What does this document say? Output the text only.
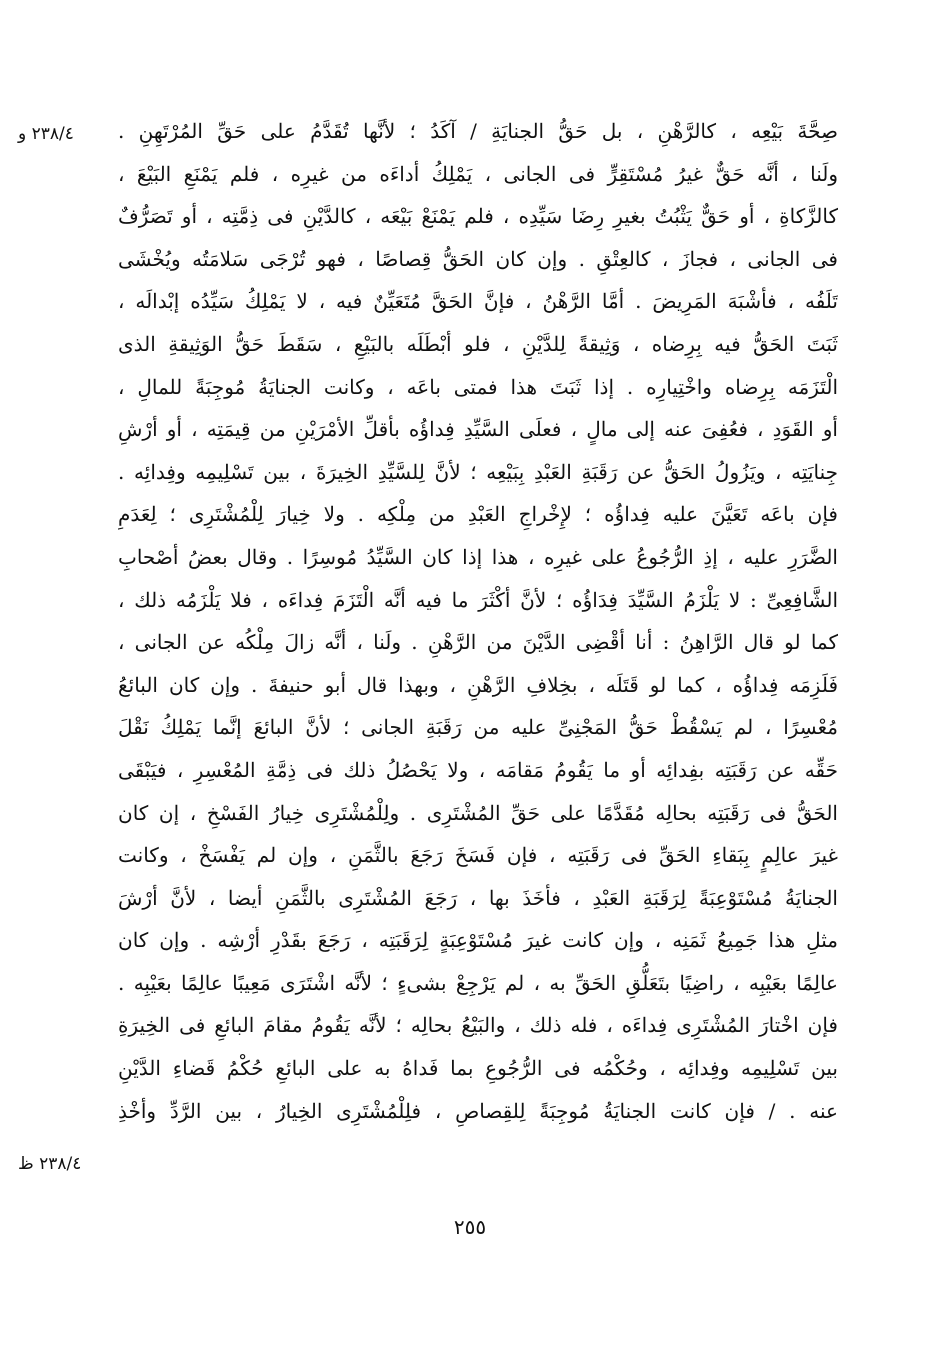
٢٣٨/٤ و
٢٣٨/٤ ظ
صِحَّةَ بَيْعِه ، كالرَّهْنِ ، بل حَقُّ الجنايَةِ / آكَدُ ؛ لأنَّها تُقَدَّمُ على حَقِّ المُرْتَهِنِ .
ولَنا ، أنَّه حَقٌّ غيرُ مُسْتَقِرٍّ فى الجانى ، يَمْلِكُ أداءَه من غيرِه ، فلم يَمْنَعِ البَيْعَ ،
كالزَّكاةِ ، أو حَقٌّ يَثْبُتُ بغيرِ رِضَا سَيِّدِه ، فلم يَمْنَعْ بَيْعَه ، كالدَّيْنِ فى ذِمَّتِه ، أو تَصَرُّفٌ
فى الجانى ، فجازَ ، كالعِتْقِ . وإن كان الحَقُّ قِصاصًا ، فهو تُرْجَى سَلامَتُه ويُخْشَى
تَلَفُه ، فأشْبَهَ المَرِيضَ . أمَّا الرَّهْنُ ، فإنَّ الحَقَّ مُتَعَيِّنٌ فيه ، لا يَمْلِكُ سَيِّدُه إبْدالَه ،
ثَبَتَ الحَقُّ فيه بِرِضاه ، وَثِيقةً لِلدَّيْنِ ، فلو أبْطَلَه بالبَيْعِ ، سَقَطَ حَقُّ الوَثِيقةِ الذى
الْتَزَمَه بِرِضاه واخْتِيارِه . إذا ثَبَتَ هذا فمتى باعَه ، وكانت الجنايَةُ مُوجِبَةً للمالِ ،
أو القَوَدِ ، فعُفِىَ عنه إلى مالٍ ، فعلَى السَّيِّدِ فِداؤُه بأقلِّ الأمْرَيْنِ من قِيمَتِه ، أو أرْشِ
جِنايَتِه ، ويَزُولُ الحَقُّ عن رَقَبَةِ العَبْدِ بِبَيْعِه ؛ لأنَّ لِلسَّيِّدِ الخِيرَةَ ، بين تَسْلِيمِه وفِدائِه .
فإن باعَه تَعَيَّنَ عليه فِداؤُه ؛ لإِخْراجِ العَبْدِ من مِلْكِه . ولا خِيارَ لِلْمُشْتَرِى ؛ لِعَدَمِ
الضَّرَرِ عليه ، إذِ الرُّجُوعُ على غيرِه ، هذا إذا كان السَّيِّدُ مُوسِرًا . وقال بعضُ أصْحابِ
الشَّافِعِىِّ : لا يَلْزَمُ السَّيِّدَ فِدَاؤُه ؛ لأنَّ أكْثَرَ ما فيه أنَّه الْتَزَمَ فِداءَه ، فلا يَلْزَمُه ذلك ،
كما لو قال الرَّاهِنُ : أنا أقْضِى الدَّيْنَ من الرَّهْنِ . ولَنا ، أنَّه زالَ مِلْكُه عن الجانى ،
فَلَزِمَه فِداؤُه ، كما لو قَتَلَه ، بخِلافِ الرَّهْنِ ، وبهذا قال أبو حنيفةَ . وإن كان البائعُ
مُعْسِرًا ، لم يَسْقُطْ حَقُّ المَجْنِىِّ عليه من رَقَبَةِ الجانى ؛ لأنَّ البائعَ إنَّما يَمْلِكُ نَقْلَ
حَقِّه عن رَقَبَتِه بفِدائِه أو ما يَقُومُ مَقامَه ، ولا يَحْصُلُ ذلك فى ذِمَّةِ المُعْسِرِ ، فيَبْقَى
الحَقُّ فى رَقَبَتِه بحالِه مُقَدَّمًا على حَقِّ المُشْتَرِى . ولِلْمُشْتَرِى خِيارُ الفَسْخِ ، إن كان
غيرَ عالِمٍ بِبَقاءِ الحَقِّ فى رَقَبَتِه ، فإن فَسَخَ رَجَعَ بالثَّمَنِ ، وإن لم يَفْسَخْ ، وكانت
الجنايَةُ مُسْتَوْعِبَةً لِرَقَبَةِ العَبْدِ ، فأخَذَ بها ، رَجَعَ المُشْتَرِى بالثَّمَنِ أيضا ، لأنَّ أرْشَ
مثلِ هذا جَمِيعُ ثَمَنِه ، وإن كانت غيرَ مُسْتَوْعِبَةٍ لِرَقَبَتِه ، رَجَعَ بقَدْرِ أرْشِه . وإن كان
عالِمًا بعَيْبِه ، راضِيًا بتَعَلُّقِ الحَقِّ به ، لم يَرْجِعْ بشىءٍ ؛ لأنَّه اشْتَرَى مَعِيبًا عالِمًا بعَيْبِه .
فإن اخْتارَ المُشْتَرِى فِداءَه ، فله ذلك ، والبَيْعُ بحالِه ؛ لأنَّه يَقُومُ مقامَ البائعِ فى الخِيرَةِ
بين تَسْلِيمِه وفِدائِه ، وحُكْمُه فى الرُّجُوعِ بما فَداهُ به على البائعِ حُكْمُ قَضاءِ الدَّيْنِ
عنه . / فإن كانت الجنايَةُ مُوجِبَةً لِلقِصاصِ ، فلِلْمُشْتَرِى الخِيارُ ، بين الرَّدِّ وأخْذِ
٢٥٥
